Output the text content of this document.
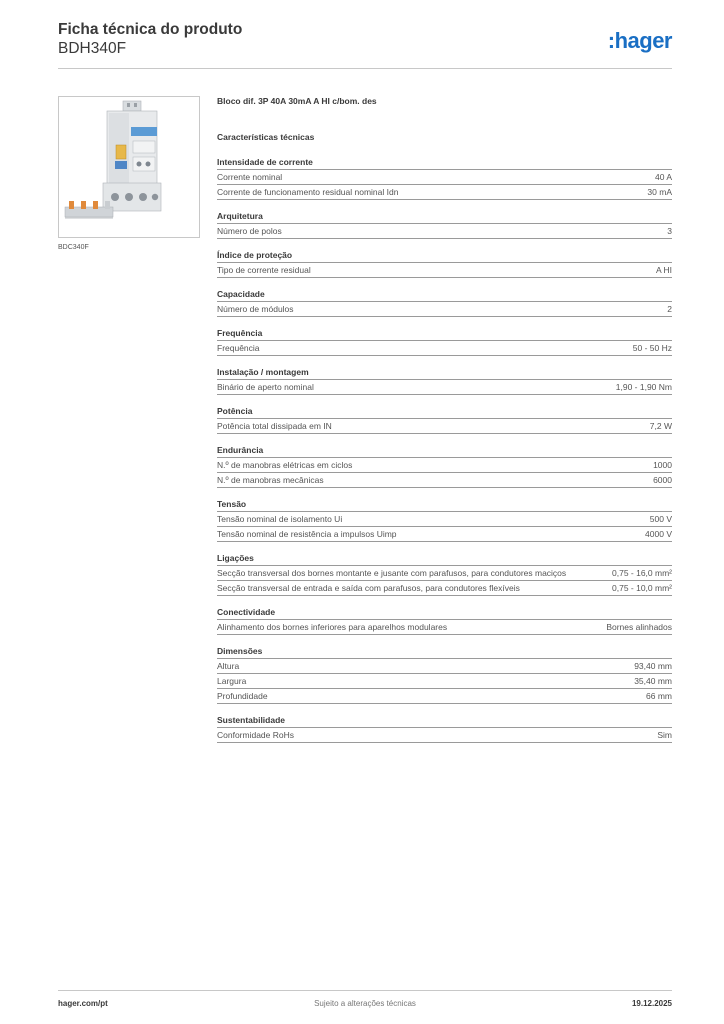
Ficha técnica do produto
BDH340F	:hager
BDC340F
Bloco dif. 3P 40A 30mA A HI c/bom. des
Características técnicas
Intensidade de corrente
Corrente nominal	40 A
Corrente de funcionamento residual nominal Idn	30 mA
Arquitetura
Número de polos	3
Índice de proteção
Tipo de corrente residual	A HI
Capacidade
Número de módulos	2
Frequência
Frequência	50 - 50 Hz
Instalação / montagem
Binário de aperto nominal	1,90 - 1,90 Nm
Potência
Potência total dissipada em IN	7,2 W
Endurância
N.º de manobras elétricas em ciclos	1000
N.º de manobras mecânicas	6000
Tensão
Tensão nominal de isolamento Ui	500 V
Tensão nominal de resistência a impulsos Uimp	4000 V
Ligações
Secção transversal dos bornes montante e jusante com parafusos, para condutores maciços	0,75 - 16,0 mm²
Secção transversal de entrada e saída com parafusos, para condutores flexíveis	0,75 - 10,0 mm²
Conectividade
Alinhamento dos bornes inferiores para aparelhos modulares	Bornes alinhados
Dimensões
Altura	93,40 mm
Largura	35,40 mm
Profundidade	66 mm
Sustentabilidade
Conformidade RoHs	Sim
hager.com/pt	Sujeito a alterações técnicas	19.12.2025
